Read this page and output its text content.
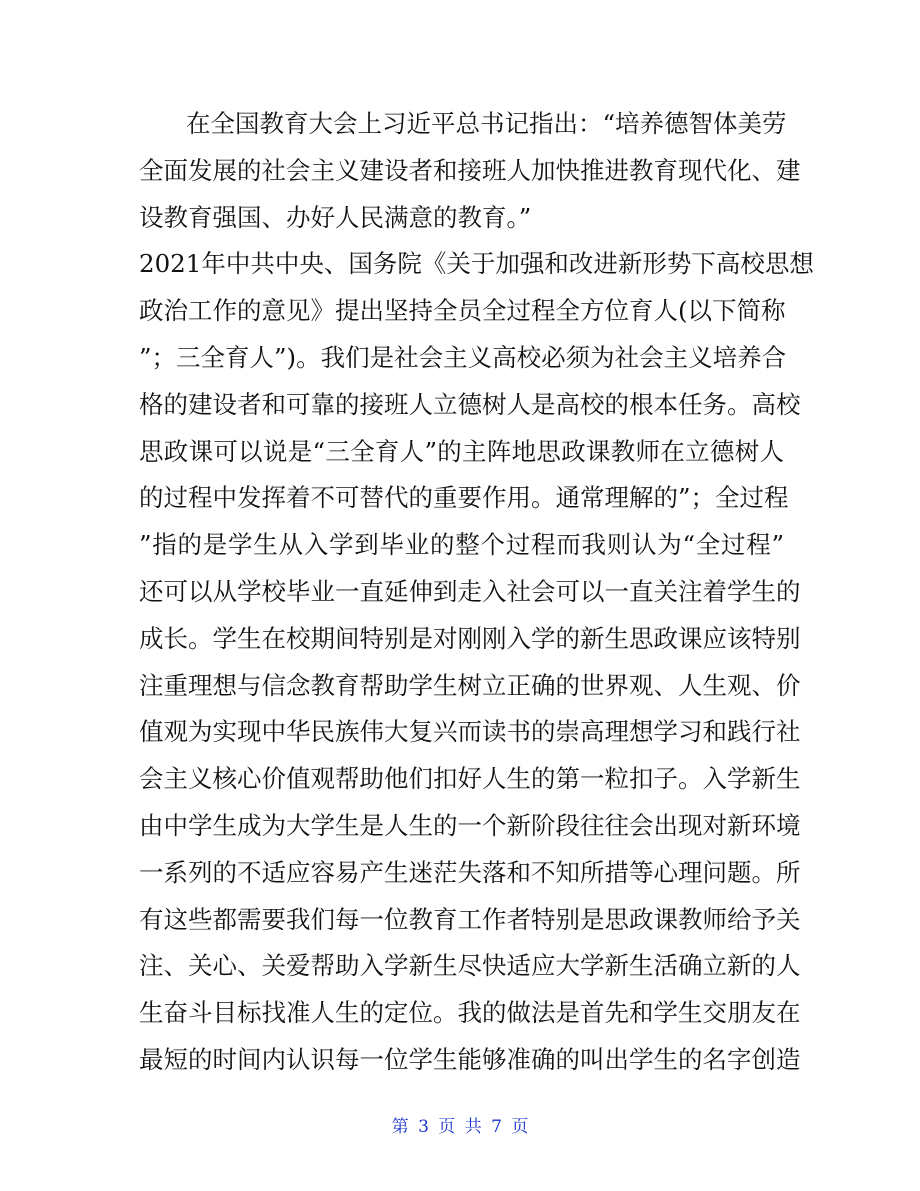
在全国教育大会上习近平总书记指出：“培养德智体美劳
全面发展的社会主义建设者和接班人加快推进教育现代化、建
设教育强国、办好人民满意的教育。”
2021年中共中央、国务院《关于加强和改进新形势下高校思想
政治工作的意见》提出坚持全员全过程全方位育人(以下简称
”；三全育人”)。我们是社会主义高校必须为社会主义培养合
格的建设者和可靠的接班人立德树人是高校的根本任务。高校
思政课可以说是“三全育人”的主阵地思政课教师在立德树人
的过程中发挥着不可替代的重要作用。通常理解的”；全过程
”指的是学生从入学到毕业的整个过程而我则认为“全过程”
还可以从学校毕业一直延伸到走入社会可以一直关注着学生的
成长。学生在校期间特别是对刚刚入学的新生思政课应该特别
注重理想与信念教育帮助学生树立正确的世界观、人生观、价
值观为实现中华民族伟大复兴而读书的崇高理想学习和践行社
会主义核心价值观帮助他们扣好人生的第一粒扣子。入学新生
由中学生成为大学生是人生的一个新阶段往往会出现对新环境
一系列的不适应容易产生迷茫失落和不知所措等心理问题。所
有这些都需要我们每一位教育工作者特别是思政课教师给予关
注、关心、关爱帮助入学新生尽快适应大学新生活确立新的人
生奋斗目标找准人生的定位。我的做法是首先和学生交朋友在
最短的时间内认识每一位学生能够准确的叫出学生的名字创造
第 3 页 共 7 页
